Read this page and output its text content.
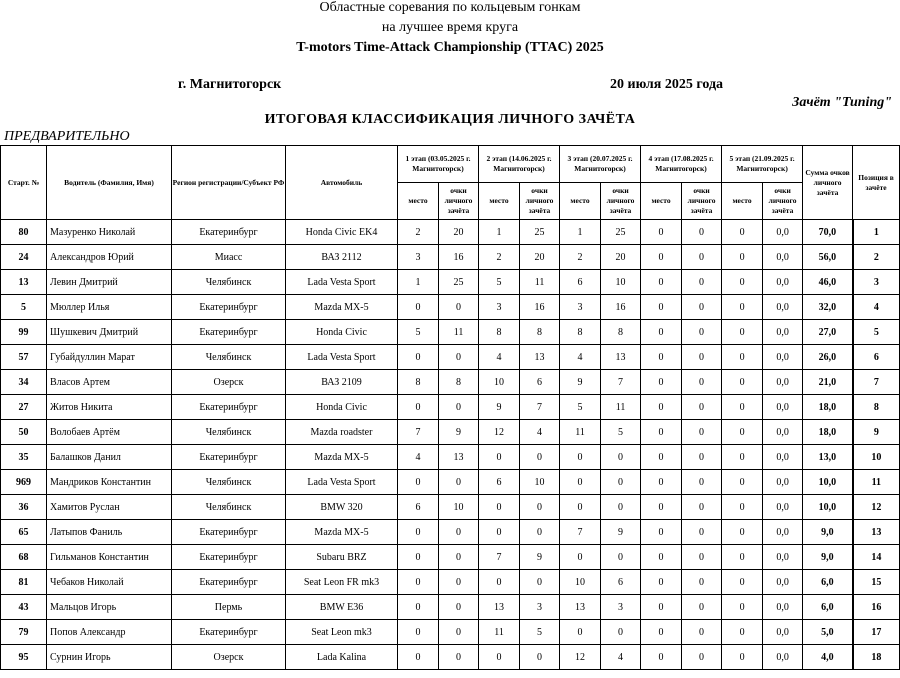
Областные соревания по кольцевым гонкам
на лучшее время круга
T-motors Time-Attack Championship (TTAC) 2025
г. Магнитогорск	20 июля 2025 года
Зачёт "Tuning"
ИТОГОВАЯ КЛАССИФИКАЦИЯ ЛИЧНОГО ЗАЧЁТА
ПРЕДВАРИТЕЛЬНО
Старт. №	Водитель (Фамилия, Имя)	Регион регистрации/Субъект РФ	Автомобиль	1 этап (03.05.2025 г. Магнитогорск)		2 этап (14.06.2025 г. Магнитогорск)		3 этап (20.07.2025 г. Магнитогорск)		4 этап (17.08.2025 г. Магнитогорск)		5 этап (21.09.2025 г. Магнитогорск)		Сумма очков личного зачёта	Позиция в зачёте
				место	очки личного зачёта	место	очки личного зачёта	место	очки личного зачёта	место	очки личного зачёта	место	очки личного зачёта		
80	Мазуренко Николай	Екатеринбург	Honda Civic EK4	2	20	1	25	1	25	0	0	0	0,0	70,0	1
24	Александров Юрий	Миасс	ВАЗ 2112	3	16	2	20	2	20	0	0	0	0,0	56,0	2
13	Левин Дмитрий	Челябинск	Lada Vesta Sport	1	25	5	11	6	10	0	0	0	0,0	46,0	3
5	Мюллер Илья	Екатеринбург	Mazda MX-5	0	0	3	16	3	16	0	0	0	0,0	32,0	4
99	Шушкевич Дмитрий	Екатеринбург	Honda Civic	5	11	8	8	8	8	0	0	0	0,0	27,0	5
57	Губайдуллин Марат	Челябинск	Lada Vesta Sport	0	0	4	13	4	13	0	0	0	0,0	26,0	6
34	Власов Артем	Озерск	ВАЗ 2109	8	8	10	6	9	7	0	0	0	0,0	21,0	7
27	Житов Никита	Екатеринбург	Honda Civic	0	0	9	7	5	11	0	0	0	0,0	18,0	8
50	Волобаев Артём	Челябинск	Mazda roadster	7	9	12	4	11	5	0	0	0	0,0	18,0	9
35	Балашков Данил	Екатеринбург	Mazda MX-5	4	13	0	0	0	0	0	0	0	0,0	13,0	10
969	Мандриков Константин	Челябинск	Lada Vesta Sport	0	0	6	10	0	0	0	0	0	0,0	10,0	11
36	Хамитов Руслан	Челябинск	BMW 320	6	10	0	0	0	0	0	0	0	0,0	10,0	12
65	Латыпов Фаниль	Екатеринбург	Mazda MX-5	0	0	0	0	7	9	0	0	0	0,0	9,0	13
68	Гильманов Константин	Екатеринбург	Subaru BRZ	0	0	7	9	0	0	0	0	0	0,0	9,0	14
81	Чебаков Николай	Екатеринбург	Seat Leon FR mk3	0	0	0	0	10	6	0	0	0	0,0	6,0	15
43	Мальцов Игорь	Пермь	BMW E36	0	0	13	3	13	3	0	0	0	0,0	6,0	16
79	Попов Александр	Екатеринбург	Seat Leon mk3	0	0	11	5	0	0	0	0	0	0,0	5,0	17
95	Сурнин Игорь	Озерск	Lada Kalina	0	0	0	0	12	4	0	0	0	0,0	4,0	18
